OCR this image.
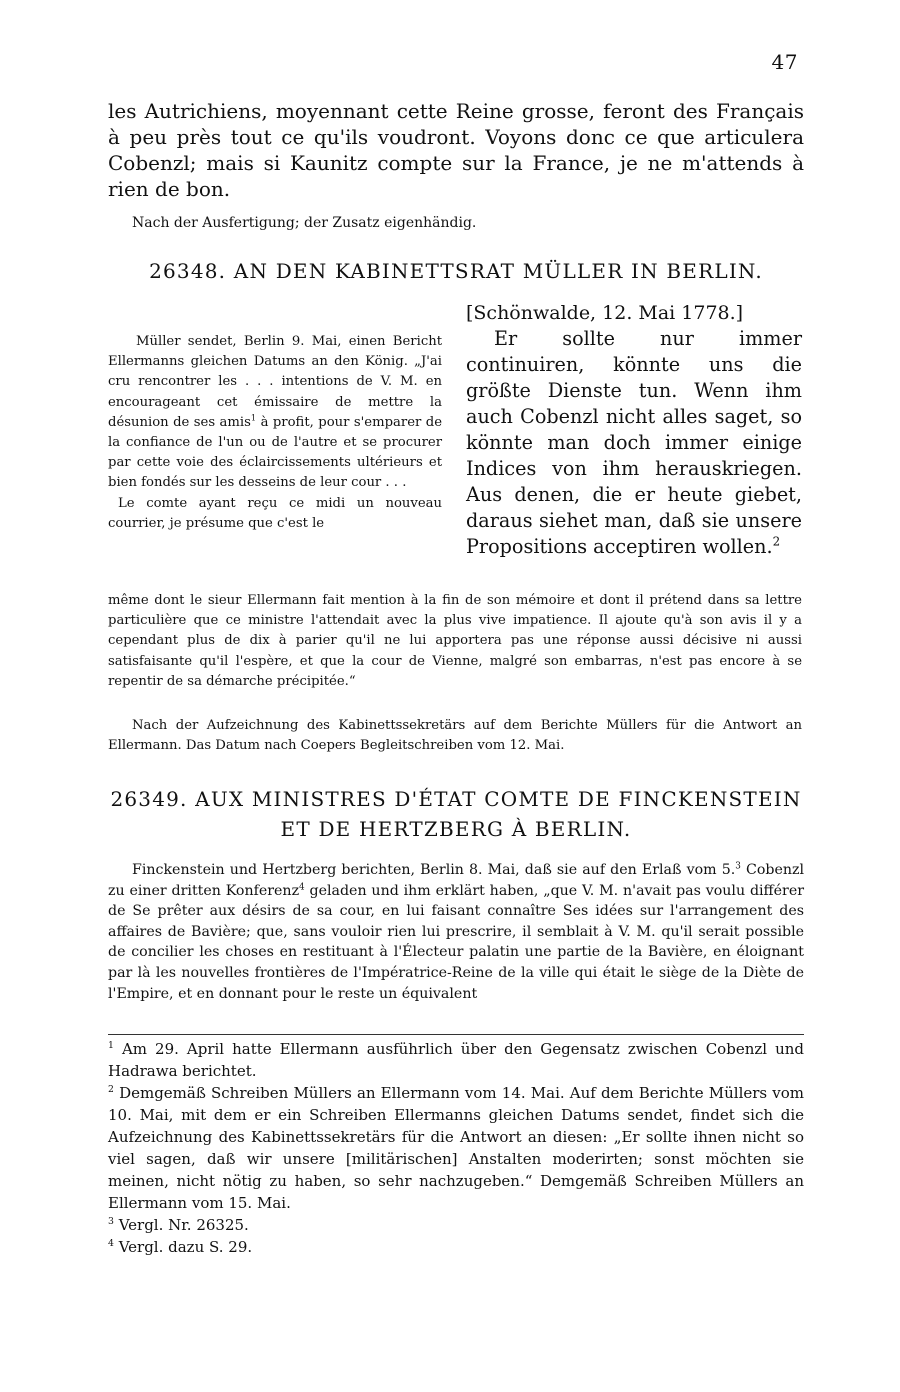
47
les Autrichiens, moyennant cette Reine grosse, feront des Français à peu près tout ce qu'ils voudront. Voyons donc ce que articulera Cobenzl; mais si Kaunitz compte sur la France, je ne m'attends à rien de bon.
Nach der Ausfertigung; der Zusatz eigenhändig.
26348. AN DEN KABINETTSRAT MÜLLER IN BERLIN.
[Schönwalde, 12. Mai 1778.]
Er sollte nur immer continuiren, könnte uns die größte Dienste tun. Wenn ihm auch Cobenzl nicht alles saget, so könnte man doch immer einige Indices von ihm herauskriegen. Aus denen, die er heute giebet, daraus siehet man, daß sie unsere Propositions acceptiren wollen.$^2$
Müller sendet, Berlin 9. Mai, einen Bericht Ellermanns gleichen Datums an den König. „J'ai cru rencontrer les . . . intentions de V. M. en encourageant cet émissaire de mettre la désunion de ses amis$^1$ à profit, pour s'emparer de la confiance de l'un ou de l'autre et se procurer par cette voie des éclaircissements ultérieurs et bien fondés sur les desseins de leur cour . . .
Le comte ayant reçu ce midi un nouveau courrier, je présume que c'est le
même dont le sieur Ellermann fait mention à la fin de son mémoire et dont il prétend dans sa lettre particulière que ce ministre l'attendait avec la plus vive impatience. Il ajoute qu'à son avis il y a cependant plus de dix à parier qu'il ne lui apportera pas une réponse aussi décisive ni aussi satisfaisante qu'il l'espère, et que la cour de Vienne, malgré son embarras, n'est pas encore à se repentir de sa démarche précipitée.“
Nach der Aufzeichnung des Kabinettssekretärs auf dem Berichte Müllers für die Antwort an Ellermann. Das Datum nach Coepers Begleitschreiben vom 12. Mai.
26349. AUX MINISTRES D'ÉTAT COMTE DE FINCKENSTEIN
ET DE HERTZBERG À BERLIN.
Finckenstein und Hertzberg berichten, Berlin 8. Mai, daß sie auf den Erlaß vom 5.$^3$ Cobenzl zu einer dritten Konferenz$^4$ geladen und ihm erklärt haben, „que V. M. n'avait pas voulu différer de Se prêter aux désirs de sa cour, en lui faisant connaître Ses idées sur l'arrangement des affaires de Bavière; que, sans vouloir rien lui prescrire, il semblait à V. M. qu'il serait possible de concilier les choses en restituant à l'Électeur palatin une partie de la Bavière, en éloignant par là les nouvelles frontières de l'Impératrice-Reine de la ville qui était le siège de la Diète de l'Empire, et en donnant pour le reste un équivalent
$^1$ Am 29. April hatte Ellermann ausführlich über den Gegensatz zwischen Cobenzl und Hadrawa berichtet.
$^2$ Demgemäß Schreiben Müllers an Ellermann vom 14. Mai. Auf dem Berichte Müllers vom 10. Mai, mit dem er ein Schreiben Ellermanns gleichen Datums sendet, findet sich die Aufzeichnung des Kabinettssekretärs für die Antwort an diesen: „Er sollte ihnen nicht so viel sagen, daß wir unsere [militärischen] Anstalten moderirten; sonst möchten sie meinen, nicht nötig zu haben, so sehr nachzugeben.“ Demgemäß Schreiben Müllers an Ellermann vom 15. Mai.
$^3$ Vergl. Nr. 26325.
$^4$ Vergl. dazu S. 29.
